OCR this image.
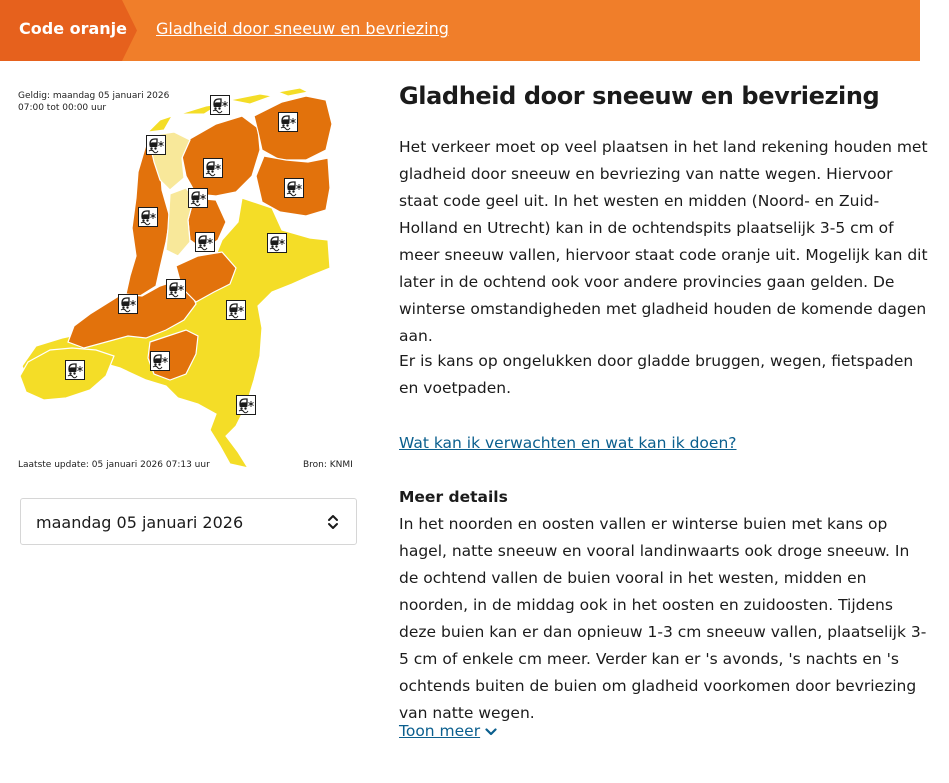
Code oranje Gladheid door sneeuw en bevriezing
Geldig: maandag 05 januari 2026
07:00 tot 00:00 uur
Laatste update: 05 januari 2026 07:13 uur	Bron: KNMI
maandag 05 januari 2026
Gladheid door sneeuw en bevriezing

Het verkeer moet op veel plaatsen in het land rekening houden met gladheid door sneeuw en bevriezing van natte wegen. Hiervoor staat code geel uit. In het westen en midden (Noord- en Zuid-Holland en Utrecht) kan in de ochtendspits plaatselijk 3-5 cm of meer sneeuw vallen, hiervoor staat code oranje uit. Mogelijk kan dit later in de ochtend ook voor andere provincies gaan gelden. De winterse omstandigheden met gladheid houden de komende dagen aan.

Er is kans op ongelukken door gladde bruggen, wegen, fietspaden en voetpaden.

Wat kan ik verwachten en wat kan ik doen?
Meer details

In het noorden en oosten vallen er winterse buien met kans op hagel, natte sneeuw en vooral landinwaarts ook droge sneeuw. In de ochtend vallen de buien vooral in het westen, midden en noorden, in de middag ook in het oosten en zuidoosten. Tijdens deze buien kan er dan opnieuw 1-3 cm sneeuw vallen, plaatselijk 3-5 cm of enkele cm meer. Verder kan er 's avonds, 's nachts en 's ochtends buiten de buien om gladheid voorkomen door bevriezing van natte wegen.

Toon meer
